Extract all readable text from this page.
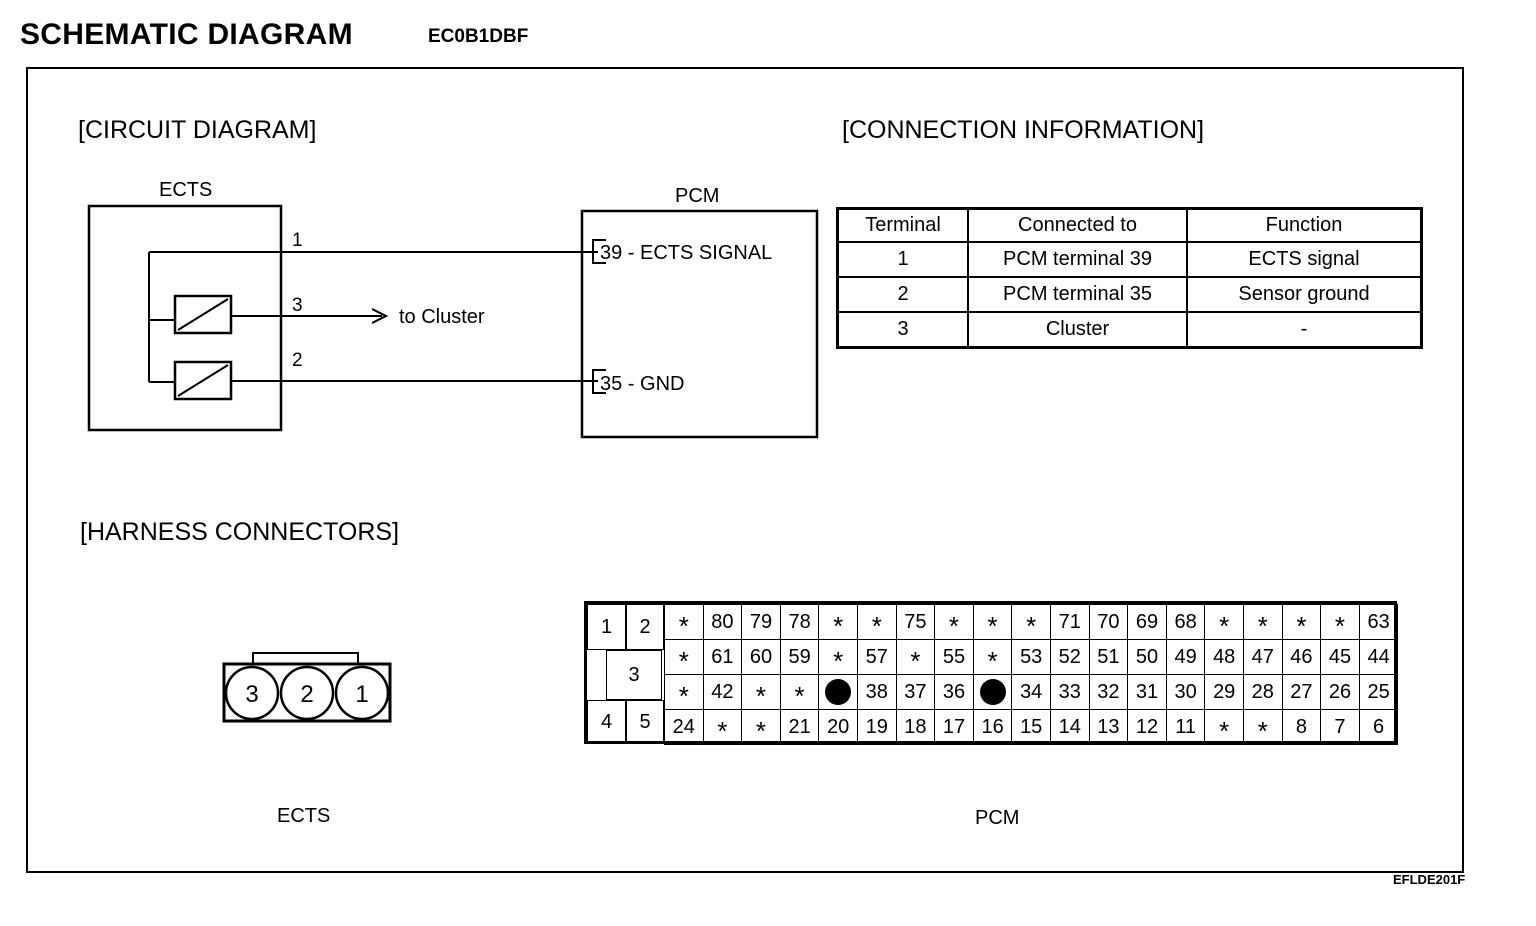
SCHEMATIC DIAGRAM	EC0B1DBF
[CIRCUIT DIAGRAM]	[CONNECTION INFORMATION]
[HARNESS CONNECTORS]
ECTS	PCM
1
3
2
to Cluster
39 - ECTS SIGNAL
35 - GND
3 2 1
ECTS	PCM
Terminal	Connected to	Function
1	PCM terminal 39	ECTS signal
2	PCM terminal 35	Sensor ground
3	Cluster	-
1 2
3
4 5
* 80 79 78 * * 75 * * * 71 70 69 68 * * * * 63
* 61 60 59 * 57 * 55 * 53 52 51 50 49 48 47 46 45 44
* 42 * *	38 37 36	34 33 32 31 30 29 28 27 26 25
24 * * 21 20 19 18 17 16 15 14 13 12 11 * * 8 7 6
EFLDE201F
